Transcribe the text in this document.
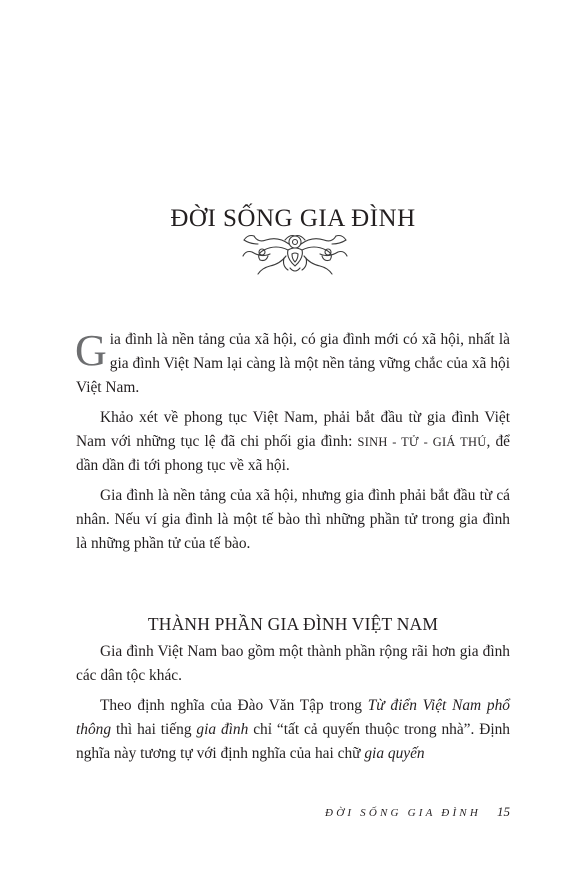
ĐỜI SỐNG GIA ĐÌNH

Gia đình là nền tảng của xã hội, có gia đình mới có xã hội, nhất là gia đình Việt Nam lại càng là một nền tảng vững chắc của xã hội Việt Nam.

Khảo xét về phong tục Việt Nam, phải bắt đầu từ gia đình Việt Nam với những tục lệ đã chi phối gia đình: SINH - TỬ - GIÁ THÚ, để dần dần đi tới phong tục về xã hội.

Gia đình là nền tảng của xã hội, nhưng gia đình phải bắt đầu từ cá nhân. Nếu ví gia đình là một tế bào thì những phần tử trong gia đình là những phần tử của tế bào.

THÀNH PHẦN GIA ĐÌNH VIỆT NAM

Gia đình Việt Nam bao gồm một thành phần rộng rãi hơn gia đình các dân tộc khác.

Theo định nghĩa của Đào Văn Tập trong Từ điển Việt Nam phổ thông thì hai tiếng gia đình chỉ “tất cả quyến thuộc trong nhà”. Định nghĩa này tương tự với định nghĩa của hai chữ gia quyến

ĐỜI SỐNG GIA ĐÌNH 15
